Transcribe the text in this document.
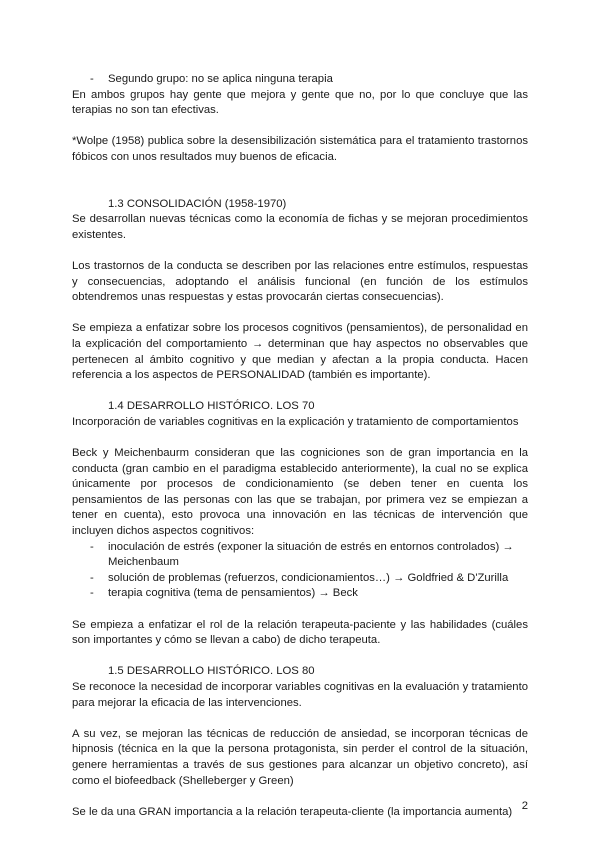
- Segundo grupo: no se aplica ninguna terapia

En ambos grupos hay gente que mejora y gente que no, por lo que concluye que las terapias no son tan efectivas.

*Wolpe (1958) publica sobre la desensibilización sistemática para el tratamiento trastornos fóbicos con unos resultados muy buenos de eficacia.

1.3 CONSOLIDACIÓN (1958-1970)

Se desarrollan nuevas técnicas como la economía de fichas y se mejoran procedimientos existentes.

Los trastornos de la conducta se describen por las relaciones entre estímulos, respuestas y consecuencias, adoptando el análisis funcional (en función de los estímulos obtendremos unas respuestas y estas provocarán ciertas consecuencias).

Se empieza a enfatizar sobre los procesos cognitivos (pensamientos), de personalidad en la explicación del comportamiento → determinan que hay aspectos no observables que pertenecen al ámbito cognitivo y que median y afectan a la propia conducta. Hacen referencia a los aspectos de PERSONALIDAD (también es importante).

1.4 DESARROLLO HISTÓRICO. LOS 70

Incorporación de variables cognitivas en la explicación y tratamiento de comportamientos

Beck y Meichenbaurm consideran que las cogniciones son de gran importancia en la conducta (gran cambio en el paradigma establecido anteriormente), la cual no se explica únicamente por procesos de condicionamiento (se deben tener en cuenta los pensamientos de las personas con las que se trabajan, por primera vez se empiezan a tener en cuenta), esto provoca una innovación en las técnicas de intervención que incluyen dichos aspectos cognitivos:

- inoculación de estrés (exponer la situación de estrés en entornos controlados) → Meichenbaum
- solución de problemas (refuerzos, condicionamientos…) → Goldfried & D'Zurilla
- terapia cognitiva (tema de pensamientos) → Beck

Se empieza a enfatizar el rol de la relación terapeuta-paciente y las habilidades (cuáles son importantes y cómo se llevan a cabo) de dicho terapeuta.

1.5 DESARROLLO HISTÓRICO. LOS 80

Se reconoce la necesidad de incorporar variables cognitivas en la evaluación y tratamiento para mejorar la eficacia de las intervenciones.

A su vez, se mejoran las técnicas de reducción de ansiedad, se incorporan técnicas de hipnosis (técnica en la que la persona protagonista, sin perder el control de la situación, genere herramientas a través de sus gestiones para alcanzar un objetivo concreto), así como el biofeedback (Shelleberger y Green)

Se le da una GRAN importancia a la relación terapeuta-cliente (la importancia aumenta) 2
